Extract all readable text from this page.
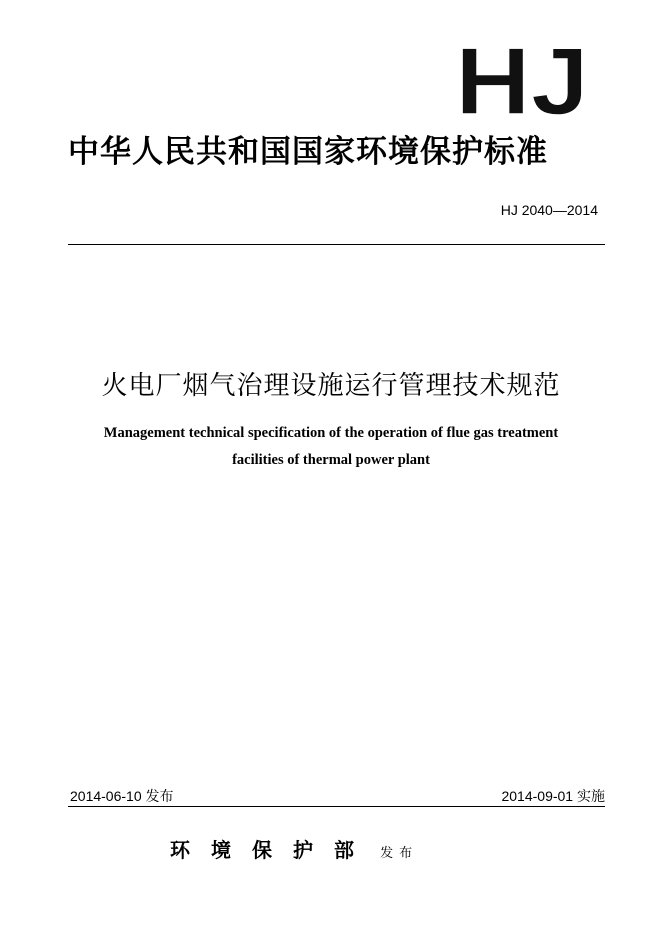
HJ
中华人民共和国国家环境保护标准
HJ 2040—2014
火电厂烟气治理设施运行管理技术规范
Management technical specification of the operation of flue gas treatment
facilities of thermal power plant
2014-06-10 发布	2014-09-01 实施
环境保护部 发布
